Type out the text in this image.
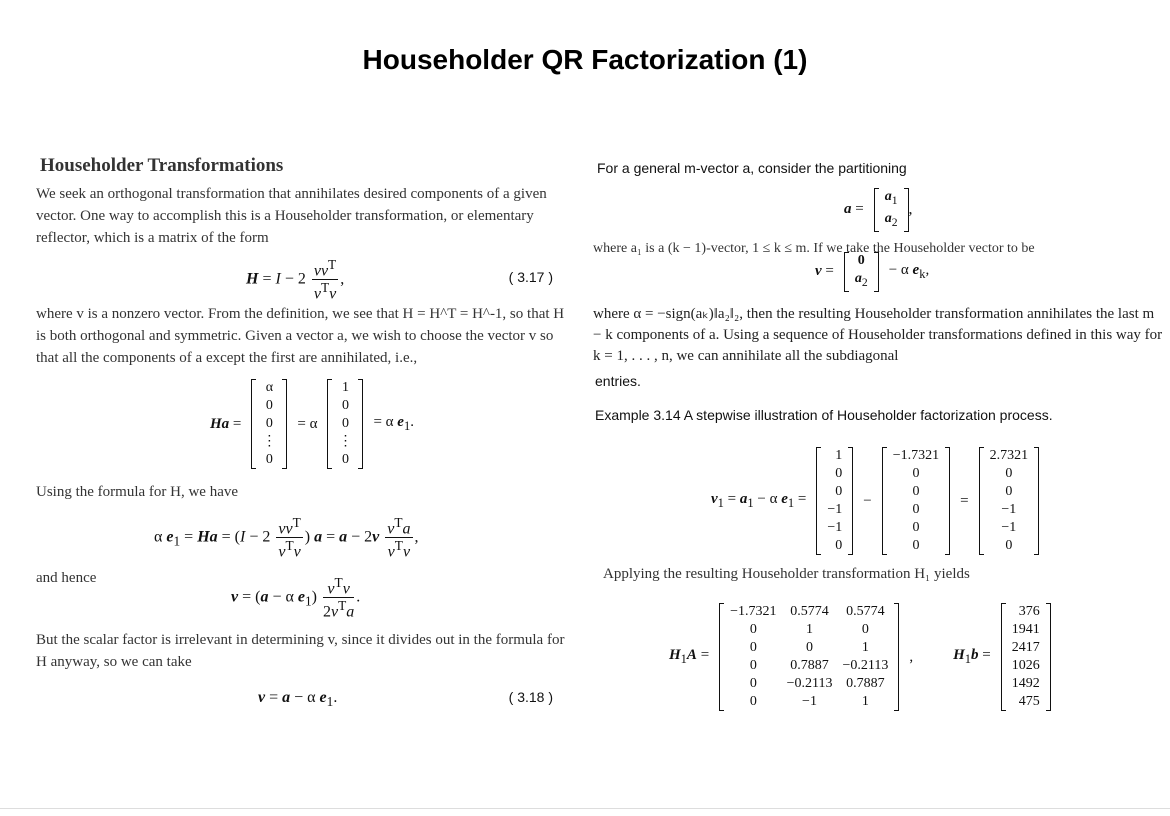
Householder QR Factorization (1)
Householder Transformations

We seek an orthogonal transformation that annihilates desired components of a given vector. One way to accomplish this is a Householder transformation, or elementary reflector, which is a matrix of the form

$H = I - 2 \frac{vv^T}{v^Tv}$ ,	( 3.17 )

where v is a nonzero vector. From the definition, we see that H = H^T = H^-1, so that H is both orthogonal and symmetric. Given a vector a, we wish to choose the vector v so that all the components of a except the first are annihilated, i.e.,

Ha =
α
0
0
⋮
0
= α
1
0
0
⋮
0
= α $e_1$.

Using the formula for H, we have

α $e_1 = Ha = (I - 2 \frac{vv^T}{v^Tv}$ ) $a = a - 2v \frac{v^Ta}{v^Tv}$ ,

and hence

v = (a − α $e_1) \frac{v^Tv}{2v^Ta}$ .

But the scalar factor is irrelevant in determining v, since it divides out in the formula for H anyway, so we can take

v = a − α $e_1$.	( 3.18 )
For a general m-vector a, consider the partitioning
a =
$a_1$
$a_2$
,

where a₁ is a (k − 1)-vector, 1 ≤ k ≤ m. If we take the Householder vector to be

v =
0
$a_2$
− α $e_k$,

where α = −sign(aₖ)‖a₂‖₂, then the resulting Householder transformation annihilates the last m − k components of a. Using a sequence of Householder transformations defined in this way for k = 1, . . . , n, we can annihilate all the subdiagonal

entries.
Example 3.14 A stepwise illustration of Householder factorization process.
$v_1 = a_1 - \alpha$ $e_1$ =
1
0
0
−1
−1
0
−
−1.7321
0
0
0
0
0
=
2.7321
0
0
−1
−1
0

Applying the resulting Householder transformation H₁ yields

$H_1A$ =
−1.7321	0.5774	0.5774
0	1	0
0	0	1
0	0.7887	−0.2113
0	−0.2113	0.7887
0	−1	1
,	$H_1b$ =
376
1941
2417
1026
1492
475
